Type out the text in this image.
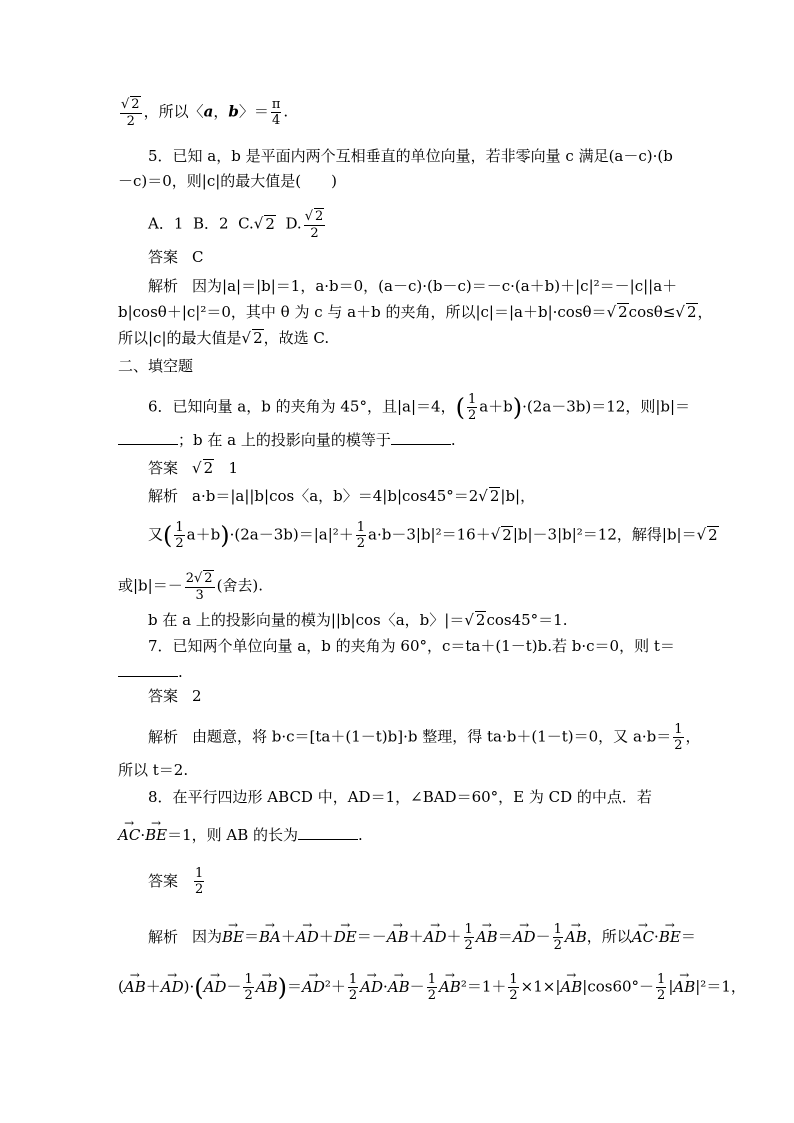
$\frac{√ 2}{2}$ ，所以〈a，b〉＝ $\frac{\pi}{4}$ .
5．已知 a，b 是平面内两个互相垂直的单位向量，若非零向量 c 满足(a－c)·(b
－c)＝0，则|c|的最大值是(　　)
A．1 B．2 C.√ 2 D. $\frac{√ 2}{2}$
答案 C
解析 因为|a|＝|b|＝1，a·b＝0，(a－c)·(b－c)＝－c·(a＋b)＋|c|²＝－|c||a＋
b|cosθ＋|c|²＝0，其中 θ 为 c 与 a＋b 的夹角，所以|c|＝|a＋b|·cosθ＝√ 2cosθ≤√ 2，
所以|c|的最大值是√ 2，故选 C.
二、填空题
6．已知向量 a，b 的夹角为 45°，且|a|＝4，( $\frac{1}{2} a+b)\cdot(2a-3b)=12$，则|b|＝
；b 在 a 上的投影向量的模等于	.
答案 √ 2 1
解析 a·b＝|a||b|cos〈a，b〉＝4|b|cos45°＝2√ 2|b|，
又( $\frac{1}{2} a+b)\cdot(2a-3b)=|a|^2+ \frac{1}{2} a\cdot b-3|b|^2=16+√$ 2|b|－3|b|²＝12，解得|b|＝√ 2
或$|b|=- \frac{2√ 2}{3}$ (舍去).
b 在 a 上的投影向量的模为||b|cos〈a，b〉|＝√ 2cos45°＝1.
7．已知两个单位向量 a，b 的夹角为 60°，c＝ta＋(1－t)b.若 b·c＝0，则 t＝
.
答案 2
解析 由题意，将 b·c＝[ta＋(1－t)b]·b 整理，得 ta·b＋(1－t)＝0，又 $a\cdot b= \frac{1}{2}$ ，
所以 t＝2.
8．在平行四边形 ABCD 中，AD＝1，∠BAD＝60°，E 为 CD 的中点．若
→ AC·→ BE＝1，则 AB 的长为	.
答案 $\frac{1}{2}$
解析 因为→ $BE=\to BA+\to AD+\to DE=-\to AB+\to AD+ \frac{1}{2}$
→ $AB=\to AD- \frac{1}{2}$
→ AB，所以→ AC·→ BE＝
(→ $AB+\to AD)\cdot(\to AD- \frac{1}{2}$
→ $AB)=\to AD^2+ \frac{1}{2}$
→ $AD\cdot\to AB- \frac{1}{2}$
→ $AB^2=1+ \frac{1}{2} \times 1\times|\to AB|\cos 60^\circ- \frac{1}{2}$ |→ AB|²＝1，
